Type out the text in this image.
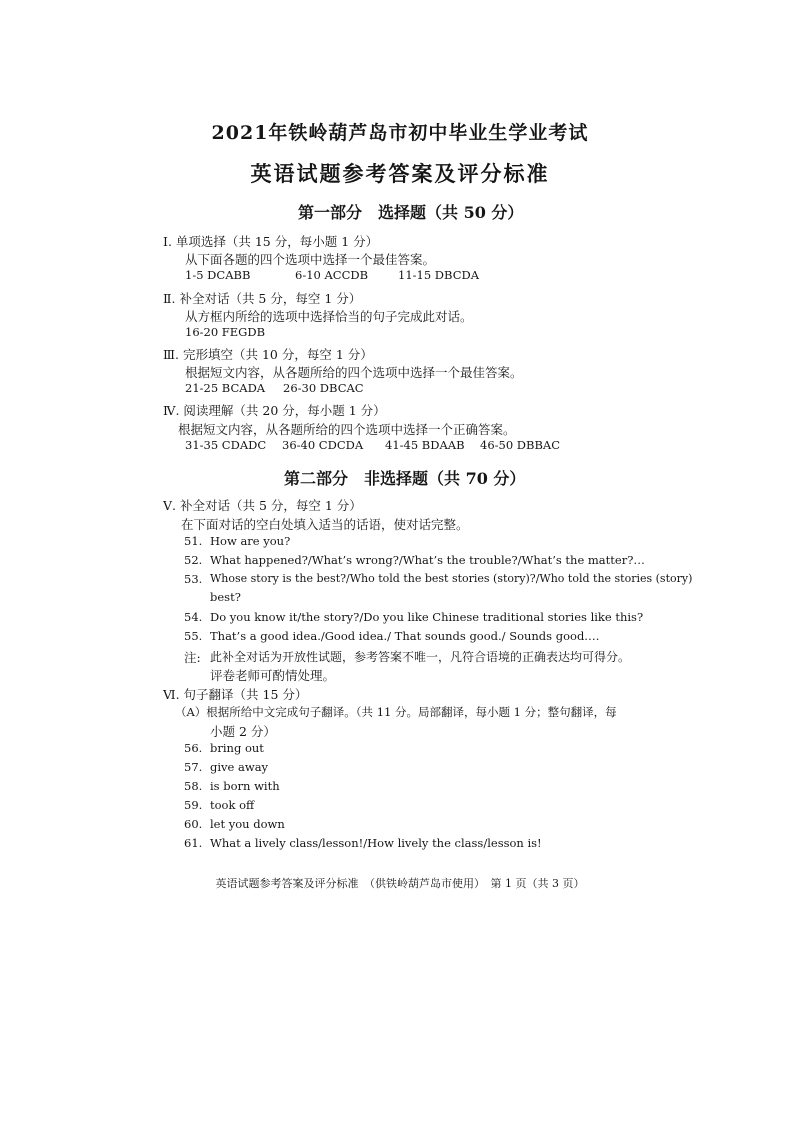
2021年铁岭葫芦岛市初中毕业生学业考试
英语试题参考答案及评分标准
第一部分　选择题（共 50 分）
Ⅰ. 单项选择（共 15 分，每小题 1 分）
从下面各题的四个选项中选择一个最佳答案。
1-5 DCABB	6-10 ACCDB	11-15 DBCDA
Ⅱ. 补全对话（共 5 分，每空 1 分）
从方框内所给的选项中选择恰当的句子完成此对话。
16-20 FEGDB
Ⅲ. 完形填空（共 10 分，每空 1 分）
根据短文内容，从各题所给的四个选项中选择一个最佳答案。
21-25 BCADA 26-30 DBCAC
Ⅳ. 阅读理解（共 20 分，每小题 1 分）
根据短文内容，从各题所给的四个选项中选择一个正确答案。
31-35 CDADC 36-40 CDCDA 41-45 BDAAB 46-50 DBBAC
第二部分　非选择题（共 70 分）
Ⅴ. 补全对话（共 5 分，每空 1 分）
在下面对话的空白处填入适当的话语，使对话完整。
51. How are you?
52. What happened?/What’s wrong?/What’s the trouble?/What’s the matter?…
53. Whose story is the best?/Who told the best stories (story)?/Who told the stories (story)
best?
54. Do you know it/the story?/Do you like Chinese traditional stories like this?
55. That’s a good idea./Good idea./ That sounds good./ Sounds good.…
注: 此补全对话为开放性试题，参考答案不唯一，凡符合语境的正确表达均可得分。
评卷老师可酌情处理。
Ⅵ. 句子翻译（共 15 分）
（A）根据所给中文完成句子翻译。（共 11 分。局部翻译，每小题 1 分；整句翻译，每
小题 2 分）
56. bring out
57. give away
58. is born with
59. took off
60. let you down
61. What a lively class/lesson!/How lively the class/lesson is!
英语试题参考答案及评分标准　（供铁岭葫芦岛市使用）　第 1 页（共 3 页）
